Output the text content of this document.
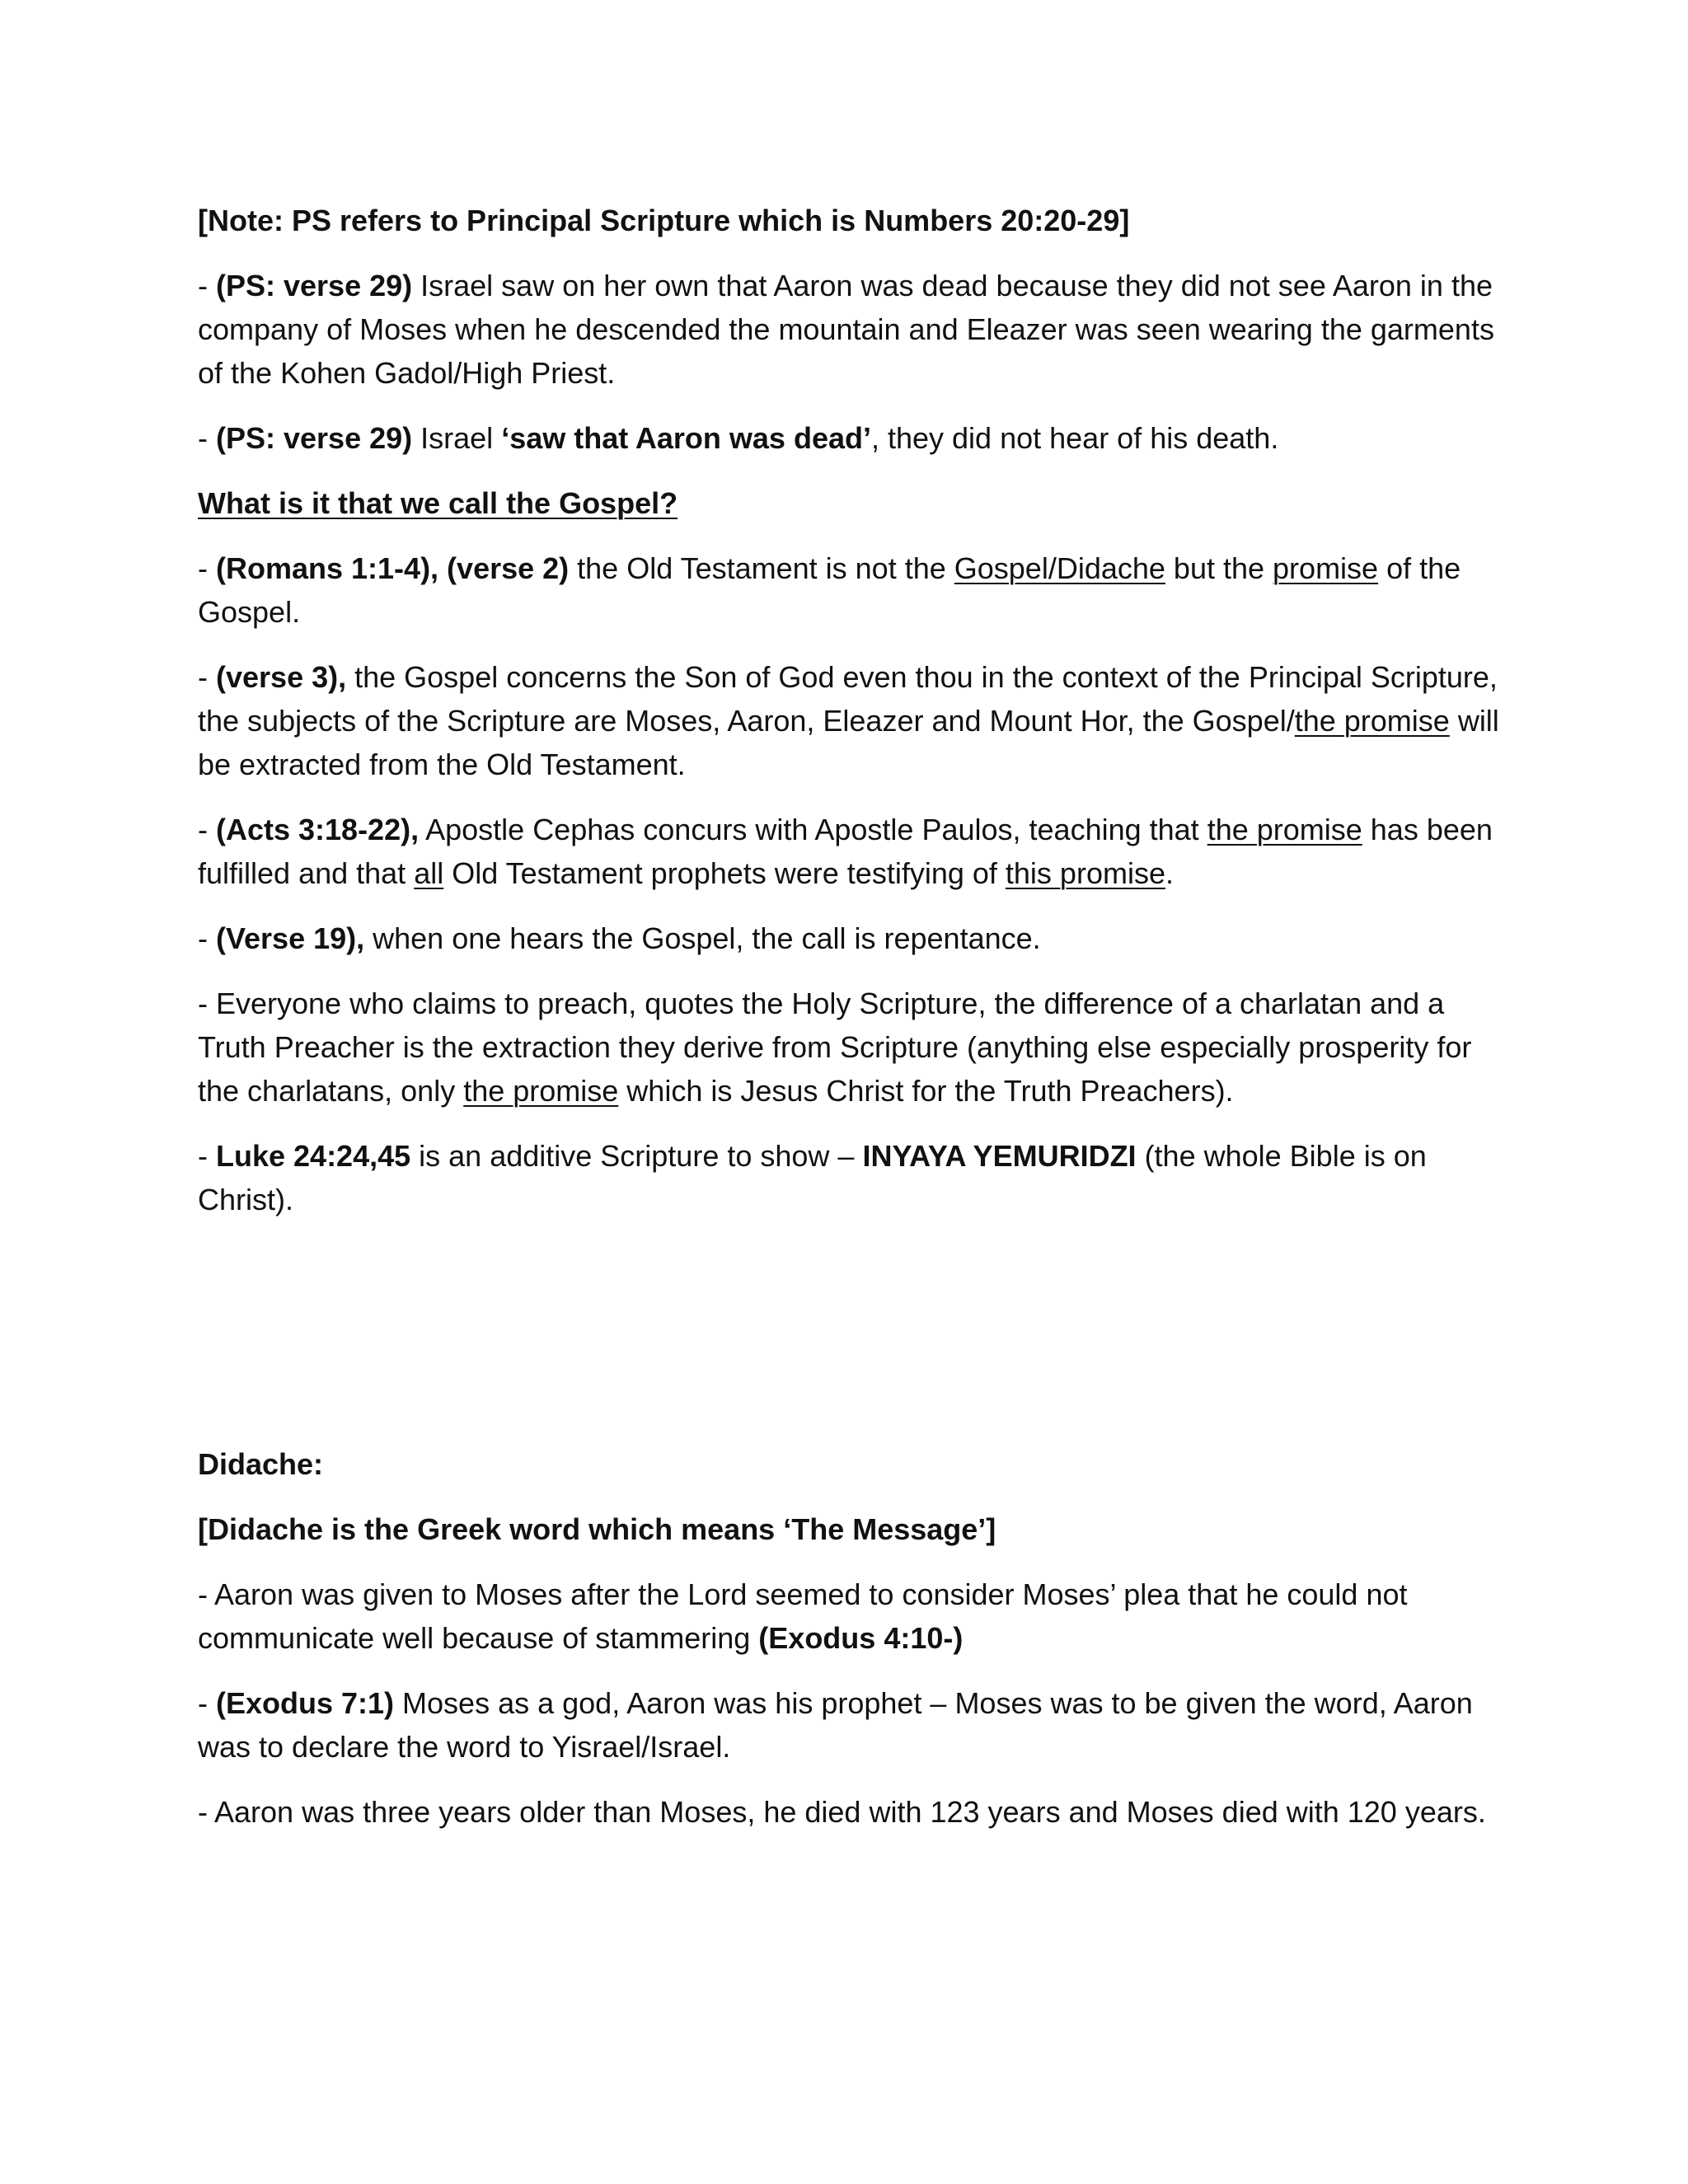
[Note: PS refers to Principal Scripture which is Numbers 20:20-29]

- (PS: verse 29) Israel saw on her own that Aaron was dead because they did not see Aaron in the company of Moses when he descended the mountain and Eleazer was seen wearing the garments of the Kohen Gadol/High Priest.

- (PS: verse 29) Israel ‘saw that Aaron was dead’, they did not hear of his death.

What is it that we call the Gospel?

- (Romans 1:1-4), (verse 2) the Old Testament is not the Gospel/Didache but the promise of the Gospel.

- (verse 3), the Gospel concerns the Son of God even thou in the context of the Principal Scripture, the subjects of the Scripture are Moses, Aaron, Eleazer and Mount Hor, the Gospel/the promise will be extracted from the Old Testament.

- (Acts 3:18-22), Apostle Cephas concurs with Apostle Paulos, teaching that the promise has been fulfilled and that all Old Testament prophets were testifying of this promise.

- (Verse 19), when one hears the Gospel, the call is repentance.

- Everyone who claims to preach, quotes the Holy Scripture, the difference of a charlatan and a Truth Preacher is the extraction they derive from Scripture (anything else especially prosperity for the charlatans, only the promise which is Jesus Christ for the Truth Preachers).

- Luke 24:24,45 is an additive Scripture to show – INYAYA YEMURIDZI (the whole Bible is on Christ).

Didache:

[Didache is the Greek word which means ‘The Message’]

- Aaron was given to Moses after the Lord seemed to consider Moses’ plea that he could not communicate well because of stammering (Exodus 4:10-)

- (Exodus 7:1) Moses as a god, Aaron was his prophet – Moses was to be given the word, Aaron was to declare the word to Yisrael/Israel.

- Aaron was three years older than Moses, he died with 123 years and Moses died with 120 years.
